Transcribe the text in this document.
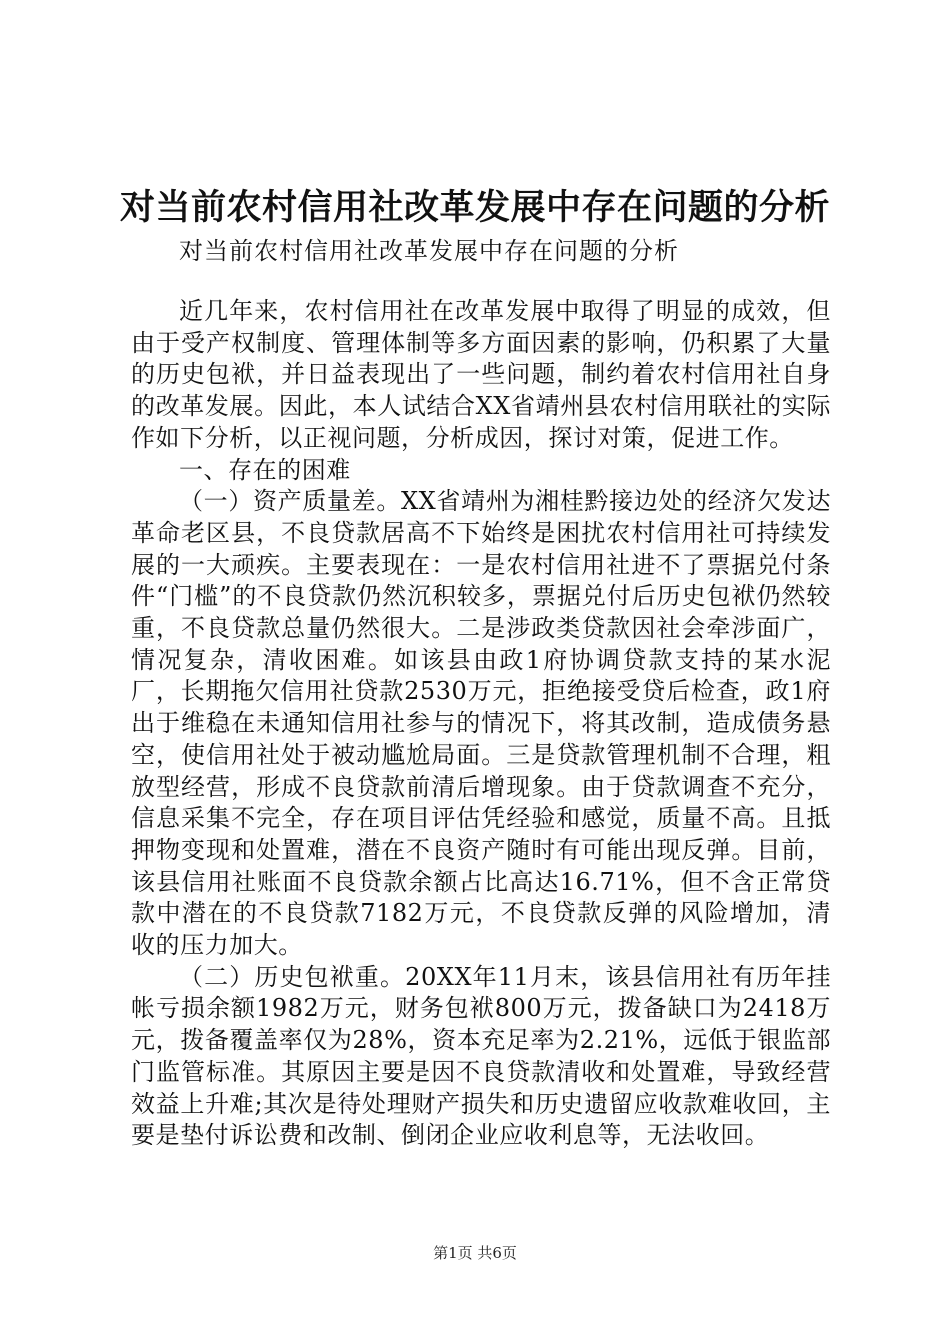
对当前农村信用社改革发展中存在问题的分析

对当前农村信用社改革发展中存在问题的分析

近几年来，农村信用社在改革发展中取得了明显的成效，但由于受产权制度、管理体制等多方面因素的影响，仍积累了大量的历史包袱，并日益表现出了一些问题，制约着农村信用社自身的改革发展。因此，本人试结合XX省靖州县农村信用联社的实际作如下分析，以正视问题，分析成因，探讨对策，促进工作。

一、存在的困难

（一）资产质量差。XX省靖州为湘桂黔接边处的经济欠发达革命老区县，不良贷款居高不下始终是困扰农村信用社可持续发展的一大顽疾。主要表现在：一是农村信用社进不了票据兑付条件“门槛”的不良贷款仍然沉积较多，票据兑付后历史包袱仍然较重，不良贷款总量仍然很大。二是涉政类贷款因社会牵涉面广，情况复杂，清收困难。如该县由政1府协调贷款支持的某水泥厂，长期拖欠信用社贷款2530万元，拒绝接受贷后检查，政1府出于维稳在未通知信用社参与的情况下，将其改制，造成债务悬空，使信用社处于被动尴尬局面。三是贷款管理机制不合理，粗放型经营，形成不良贷款前清后增现象。由于贷款调查不充分，信息采集不完全，存在项目评估凭经验和感觉，质量不高。且抵押物变现和处置难，潜在不良资产随时有可能出现反弹。目前，该县信用社账面不良贷款余额占比高达16.71%，但不含正常贷款中潜在的不良贷款7182万元，不良贷款反弹的风险增加，清收的压力加大。

（二）历史包袱重。20XX年11月末，该县信用社有历年挂帐亏损余额1982万元，财务包袱800万元，拨备缺口为2418万元，拨备覆盖率仅为28%，资本充足率为2.21%，远低于银监部门监管标准。其原因主要是因不良贷款清收和处置难，导致经营效益上升难;其次是待处理财产损失和历史遗留应收款难收回，主要是垫付诉讼费和改制、倒闭企业应收利息等，无法收回。

第1页 共6页
